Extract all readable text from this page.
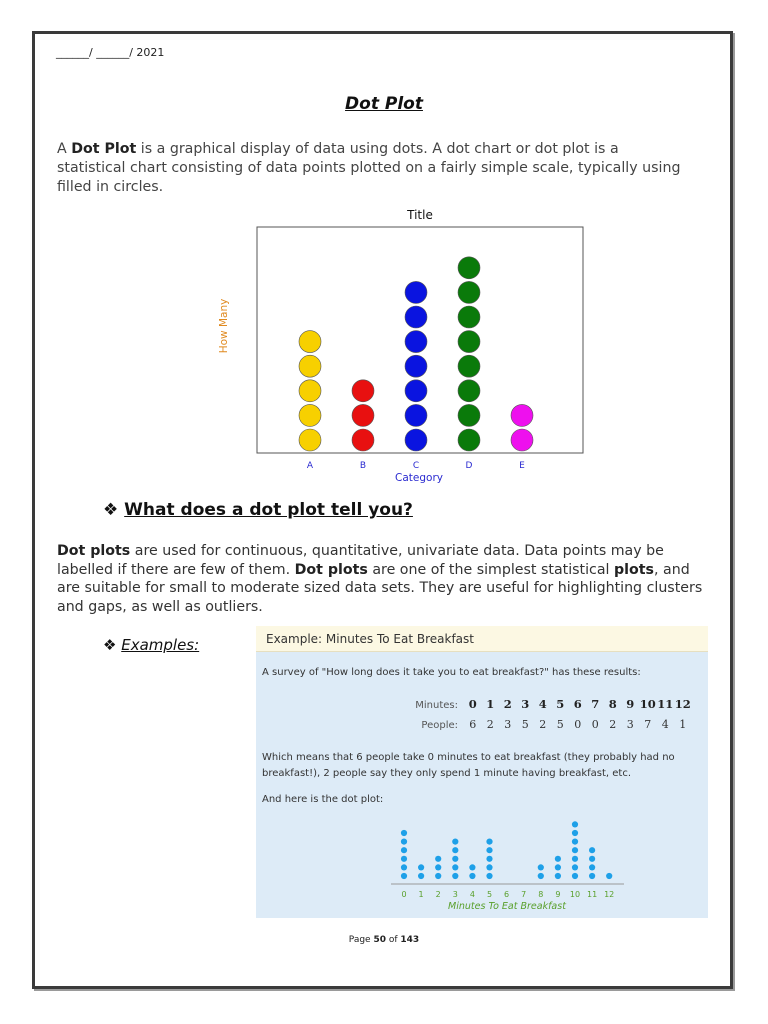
______/ ______/ 2021
Dot Plot
A Dot Plot is a graphical display of data using dots. A dot chart or dot plot is a statistical chart consisting of data points plotted on a fairly simple scale, typically using filled in circles.
Title
A	B	C	D	E
Category
How Many
❖ What does a dot plot tell you?
Dot plots are used for continuous, quantitative, univariate data. Data points may be labelled if there are few of them. Dot plots are one of the simplest statistical plots, and are suitable for small to moderate sized data sets. They are useful for highlighting clusters and gaps, as well as outliers.
❖ Examples:	Example: Minutes To Eat Breakfast
A survey of "How long does it take you to eat breakfast?" has these results:
Minutes: 0 1 2 3 4 5 6 7 8 9 10 11 12
People:	6 2 3 5 2 5 0 0 2 3 7 4 1
Which means that 6 people take 0 minutes to eat breakfast (they probably had no
breakfast!), 2 people say they only spend 1 minute having breakfast, etc.
And here is the dot plot:
0 1 2 3 4 5 6 7 8 9 10 11 12
Minutes To Eat Breakfast
Page 50 of 143
